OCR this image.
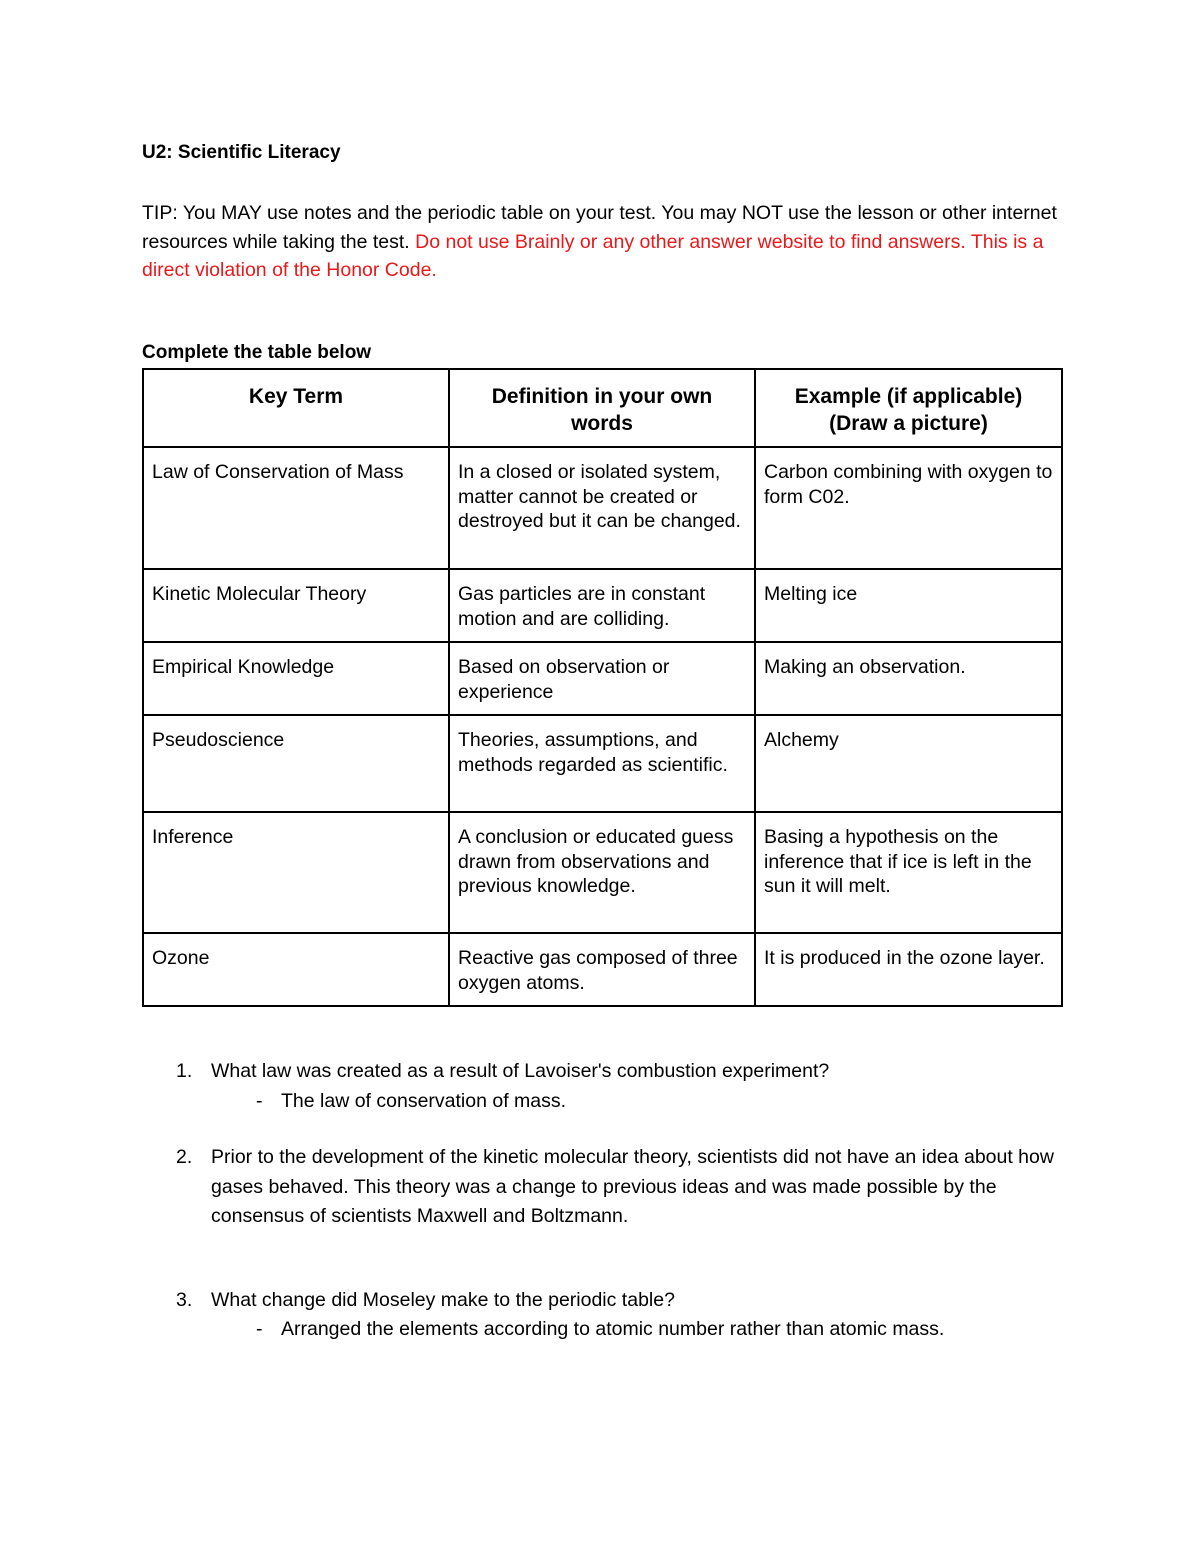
U2: Scientific Literacy

TIP: You MAY use notes and the periodic table on your test. You may NOT use the lesson or other internet resources while taking the test. Do not use Brainly or any other answer website to find answers. This is a direct violation of the Honor Code.

Complete the table below

Key Term	Definition in your own words	Example (if applicable) (Draw a picture)
Law of Conservation of Mass	In a closed or isolated system, matter cannot be created or destroyed but it can be changed.	Carbon combining with oxygen to form C02.
Kinetic Molecular Theory	Gas particles are in constant motion and are colliding.	Melting ice
Empirical Knowledge	Based on observation or experience	Making an observation.
Pseudoscience	Theories, assumptions, and methods regarded as scientific.	Alchemy
Inference	A conclusion or educated guess drawn from observations and previous knowledge.	Basing a hypothesis on the inference that if ice is left in the sun it will melt.
Ozone	Reactive gas composed of three oxygen atoms.	It is produced in the ozone layer.

1. What law was created as a result of Lavoiser's combustion experiment?

- The law of conservation of mass.

2. Prior to the development of the kinetic molecular theory, scientists did not have an idea about how gases behaved. This theory was a change to previous ideas and was made possible by the consensus of scientists Maxwell and Boltzmann.

3. What change did Moseley make to the periodic table?

- Arranged the elements according to atomic number rather than atomic mass.
